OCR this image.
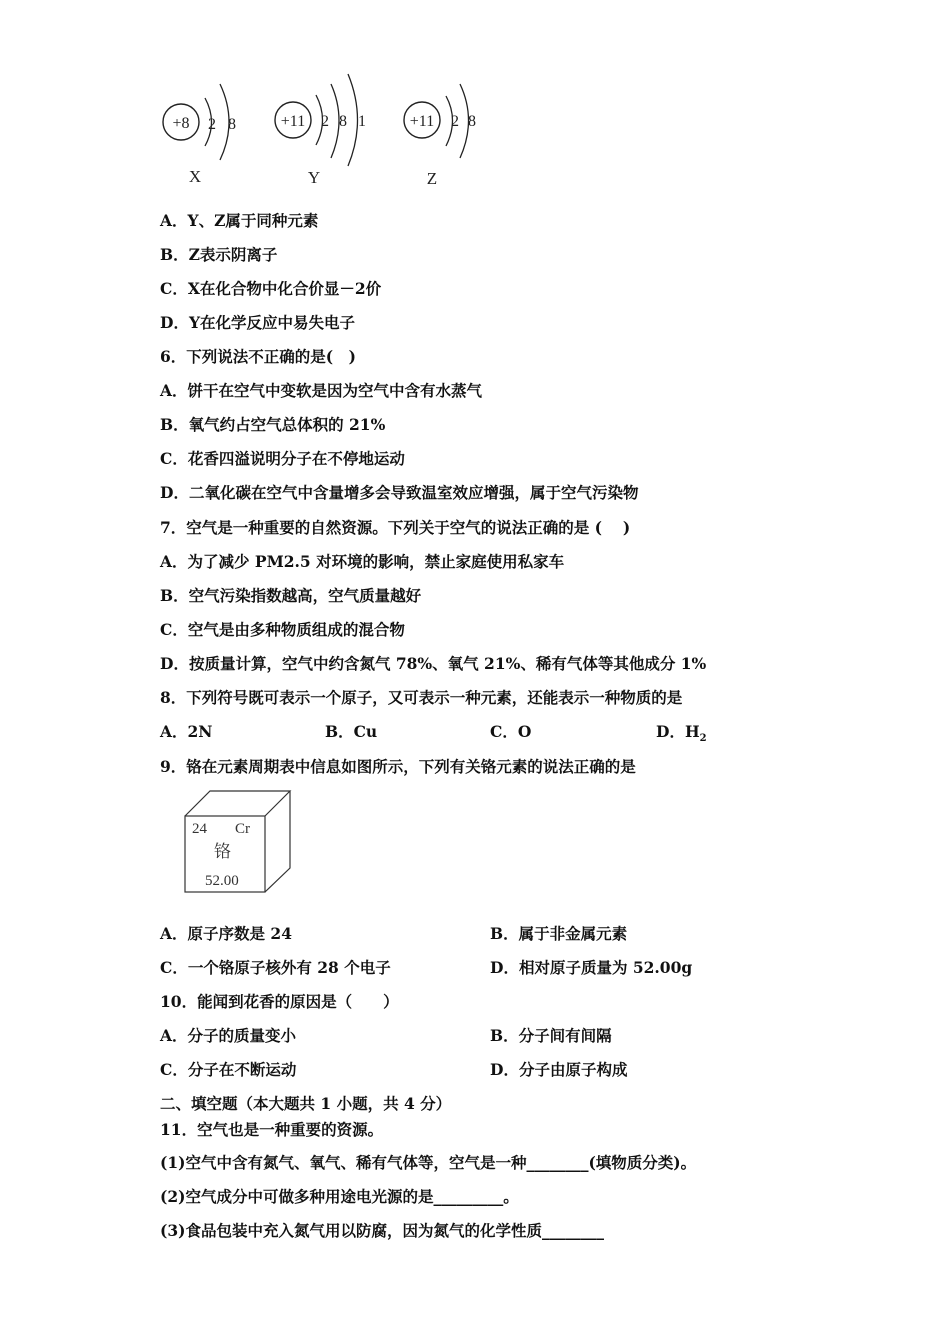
+8 2 8	+11 2 8 1	+11 2 8
X	Y	Z
A．Y、Z属于同种元素
B．Z表示阴离子
C．X在化合物中化合价显－2价
D．Y在化学反应中易失电子
6．下列说法不正确的是(　)
A．饼干在空气中变软是因为空气中含有水蒸气
B．氧气约占空气总体积的 21%
C．花香四溢说明分子在不停地运动
D．二氧化碳在空气中含量增多会导致温室效应增强，属于空气污染物
7．空气是一种重要的自然资源。下列关于空气的说法正确的是 (　 )
A．为了减少 PM2.5 对环境的影响，禁止家庭使用私家车
B．空气污染指数越高，空气质量越好
C．空气是由多种物质组成的混合物
D．按质量计算，空气中约含氮气 78%、氧气 21%、稀有气体等其他成分 1%
8．下列符号既可表示一个原子，又可表示一种元素，还能表示一种物质的是
A．2N	B．Cu	C．O	D．$H_2$
9．铬在元素周期表中信息如图所示，下列有关铬元素的说法正确的是
24 Cr
铬
52.00
A．原子序数是 24	B．属于非金属元素
C．一个铬原子核外有 28 个电子	D．相对原子质量为 52.00g
10．能闻到花香的原因是（　　）
A．分子的质量变小	B．分子间有间隔
C．分子在不断运动	D．分子由原子构成
二、填空题（本大题共 1 小题，共 4 分）
11．空气也是一种重要的资源。
(1)空气中含有氮气、氧气、稀有气体等，空气是一种________(填物质分类)。
(2)空气成分中可做多种用途电光源的是_________。
(3)食品包装中充入氮气用以防腐，因为氮气的化学性质________
